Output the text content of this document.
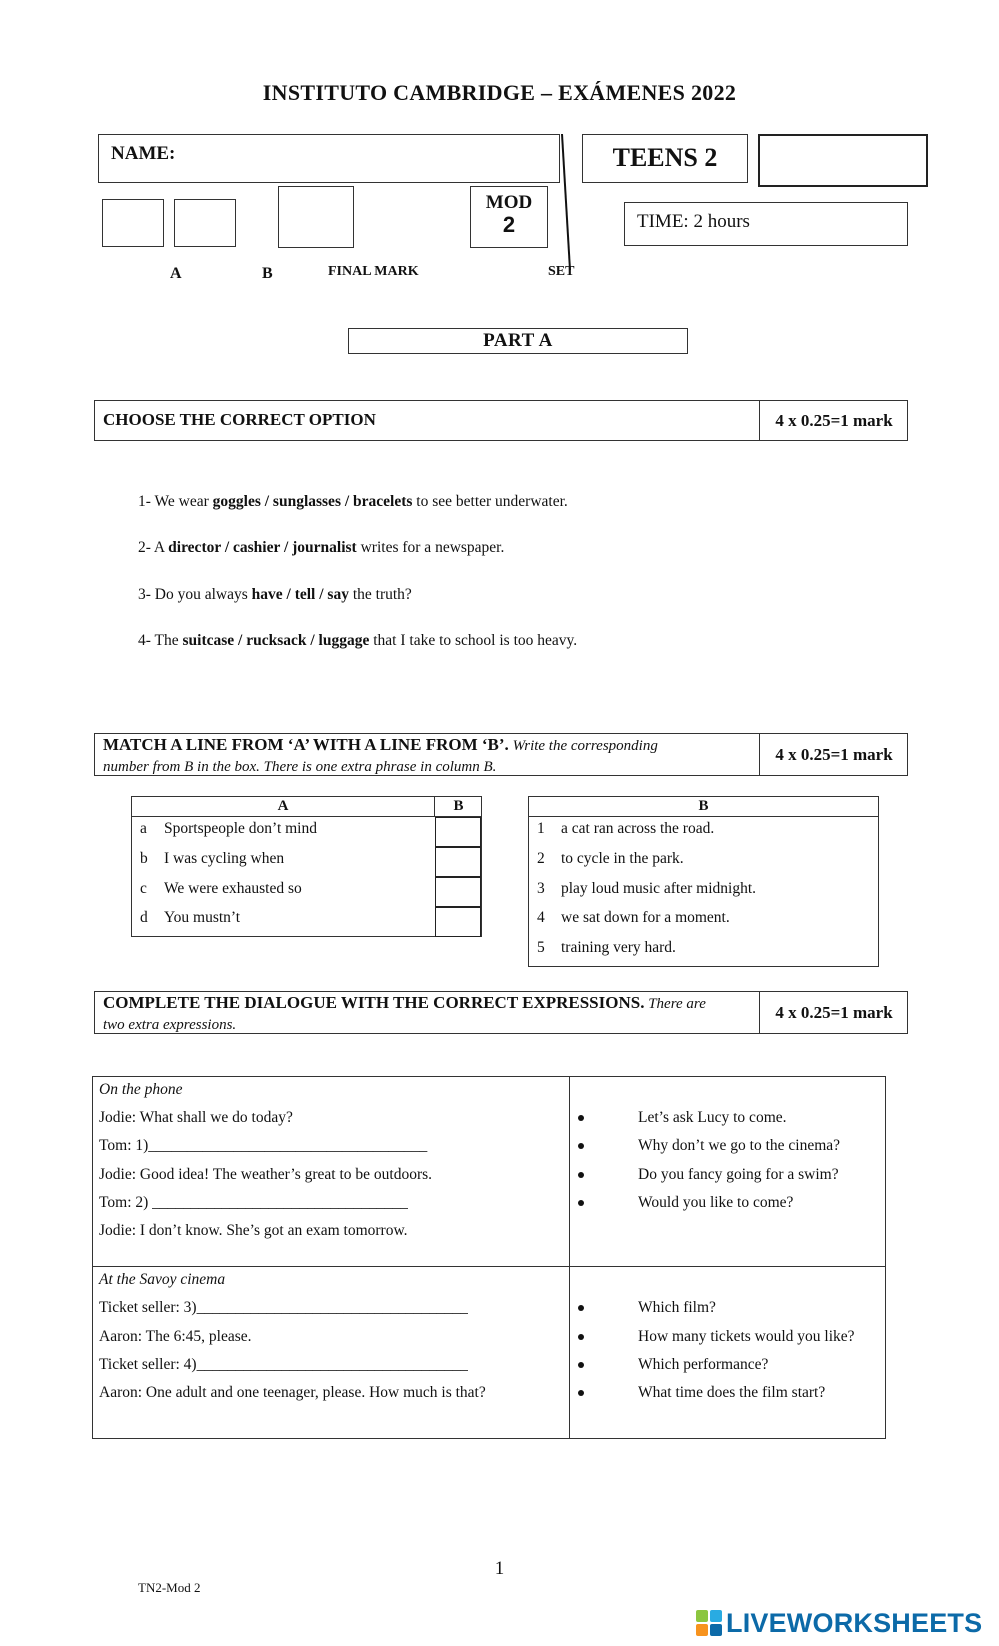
INSTITUTO CAMBRIDGE – EXÁMENES 2022
NAME:	TEENS 2
TIME: 2 hours
MOD
2
A	B	FINAL MARK	SET
PART A
CHOOSE THE CORRECT OPTION	4 x 0.25=1 mark
1- We wear goggles / sunglasses / bracelets to see better underwater.
2- A director / cashier / journalist writes for a newspaper.
3- Do you always have / tell / say the truth?
4- The suitcase / rucksack / luggage that I take to school is too heavy.
MATCH A LINE FROM ‘A’ WITH A LINE FROM ‘B’. Write the corresponding
number from B in the box. There is one extra phrase in column B.
4 x 0.25=1 mark
A	B
a Sportspeople don’t mind
b I was cycling when
c We were exhausted so
d You mustn’t
B
1 a cat ran across the road.
2 to cycle in the park.
3 play loud music after midnight.
4 we sat down for a moment.
5 training very hard.
COMPLETE THE DIALOGUE WITH THE CORRECT EXPRESSIONS. There are
two extra expressions.
4 x 0.25=1 mark
On the phone
Jodie: What shall we do today?
Tom: 1)____________________________________
Jodie: Good idea! The weather’s great to be outdoors.
Tom: 2) _________________________________
Jodie: I don’t know. She’s got an exam tomorrow.
Let’s ask Lucy to come.
Why don’t we go to the cinema?
Do you fancy going for a swim?
Would you like to come?
At the Savoy cinema
Ticket seller: 3)___________________________________
Aaron: The 6:45, please.
Ticket seller: 4)___________________________________
Aaron: One adult and one teenager, please. How much is that?
Which film?
How many tickets would you like?
Which performance?
What time does the film start?
1
TN2-Mod 2
LIVEWORKSHEETS
